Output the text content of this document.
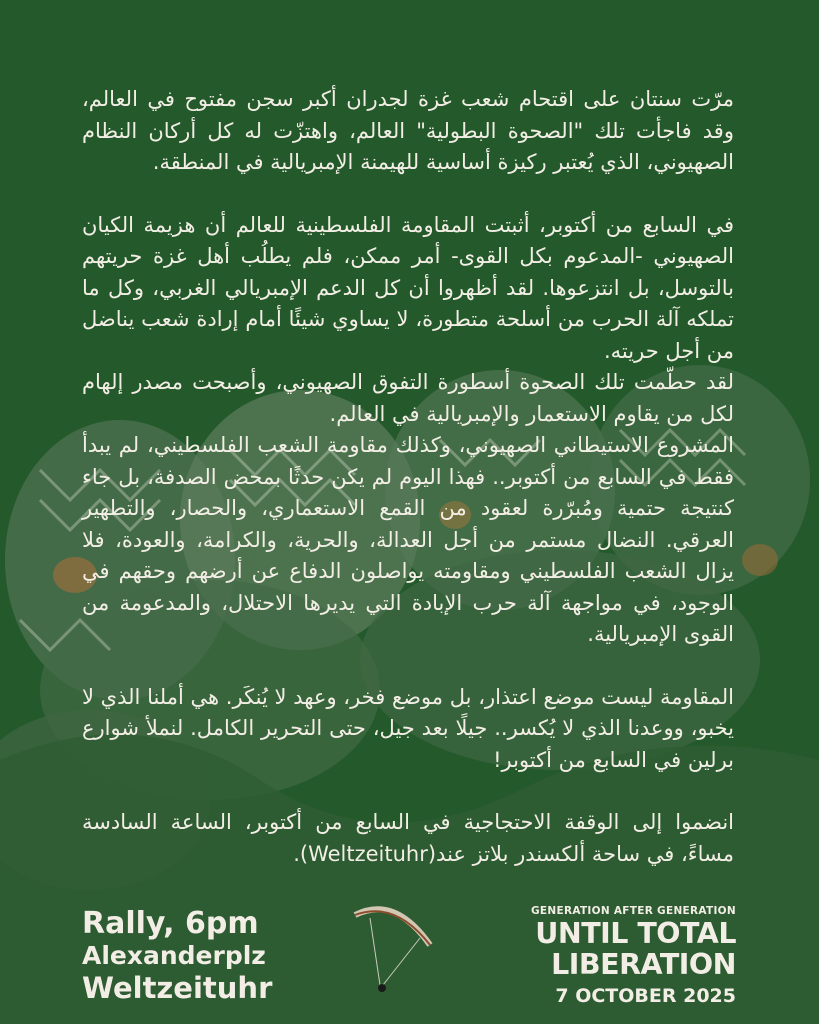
مرّت سنتان على اقتحام شعب غزة لجدران أكبر سجن مفتوح في العالم، وقد فاجأت تلك "الصحوة البطولية" العالم، واهتزّت له كل أركان النظام الصهيوني، الذي يُعتبر ركيزة أساسية للهيمنة الإمبريالية في المنطقة.

في السابع من أكتوبر، أثبتت المقاومة الفلسطينية للعالم أن هزيمة الكيان الصهيوني -المدعوم بكل القوى- أمر ممكن، فلم يطلُب أهل غزة حريتهم بالتوسل، بل انتزعوها. لقد أظهروا أن كل الدعم الإمبريالي الغربي، وكل ما تملكه آلة الحرب من أسلحة متطورة، لا يساوي شيئًا أمام إرادة شعب يناضل من أجل حريته.

لقد حطّمت تلك الصحوة أسطورة التفوق الصهيوني، وأصبحت مصدر إلهام لكل من يقاوم الاستعمار والإمبريالية في العالم.

المشروع الاستيطاني الصهيوني، وكذلك مقاومة الشعب الفلسطيني، لم يبدأ فقط في السابع من أكتوبر.. فهذا اليوم لم يكن حدثًا بمحض الصدفة، بل جاء كنتيجة حتمية ومُبرّرة لعقود من القمع الاستعماري، والحصار، والتطهير العرقي. النضال مستمر من أجل العدالة، والحرية، والكرامة، والعودة، فلا يزال الشعب الفلسطيني ومقاومته يواصلون الدفاع عن أرضهم وحقهم في الوجود، في مواجهة آلة حرب الإبادة التي يديرها الاحتلال، والمدعومة من القوى الإمبريالية.

المقاومة ليست موضع اعتذار، بل موضع فخر، وعهد لا يُنكَر. هي أملنا الذي لا يخبو، ووعدنا الذي لا يُكسر.. جيلًا بعد جيل، حتى التحرير الكامل. لنملأ شوارع برلين في السابع من أكتوبر!

انضموا إلى الوقفة الاحتجاجية في السابع من أكتوبر، الساعة السادسة مساءً، في ساحة ألكسندر بلاتز عند(Weltzeituhr).

Rally, 6pm
Alexanderplz
Weltzeituhr
GENERATION AFTER GENERATION
UNTIL TOTAL
LIBERATION
7 OCTOBER 2025
